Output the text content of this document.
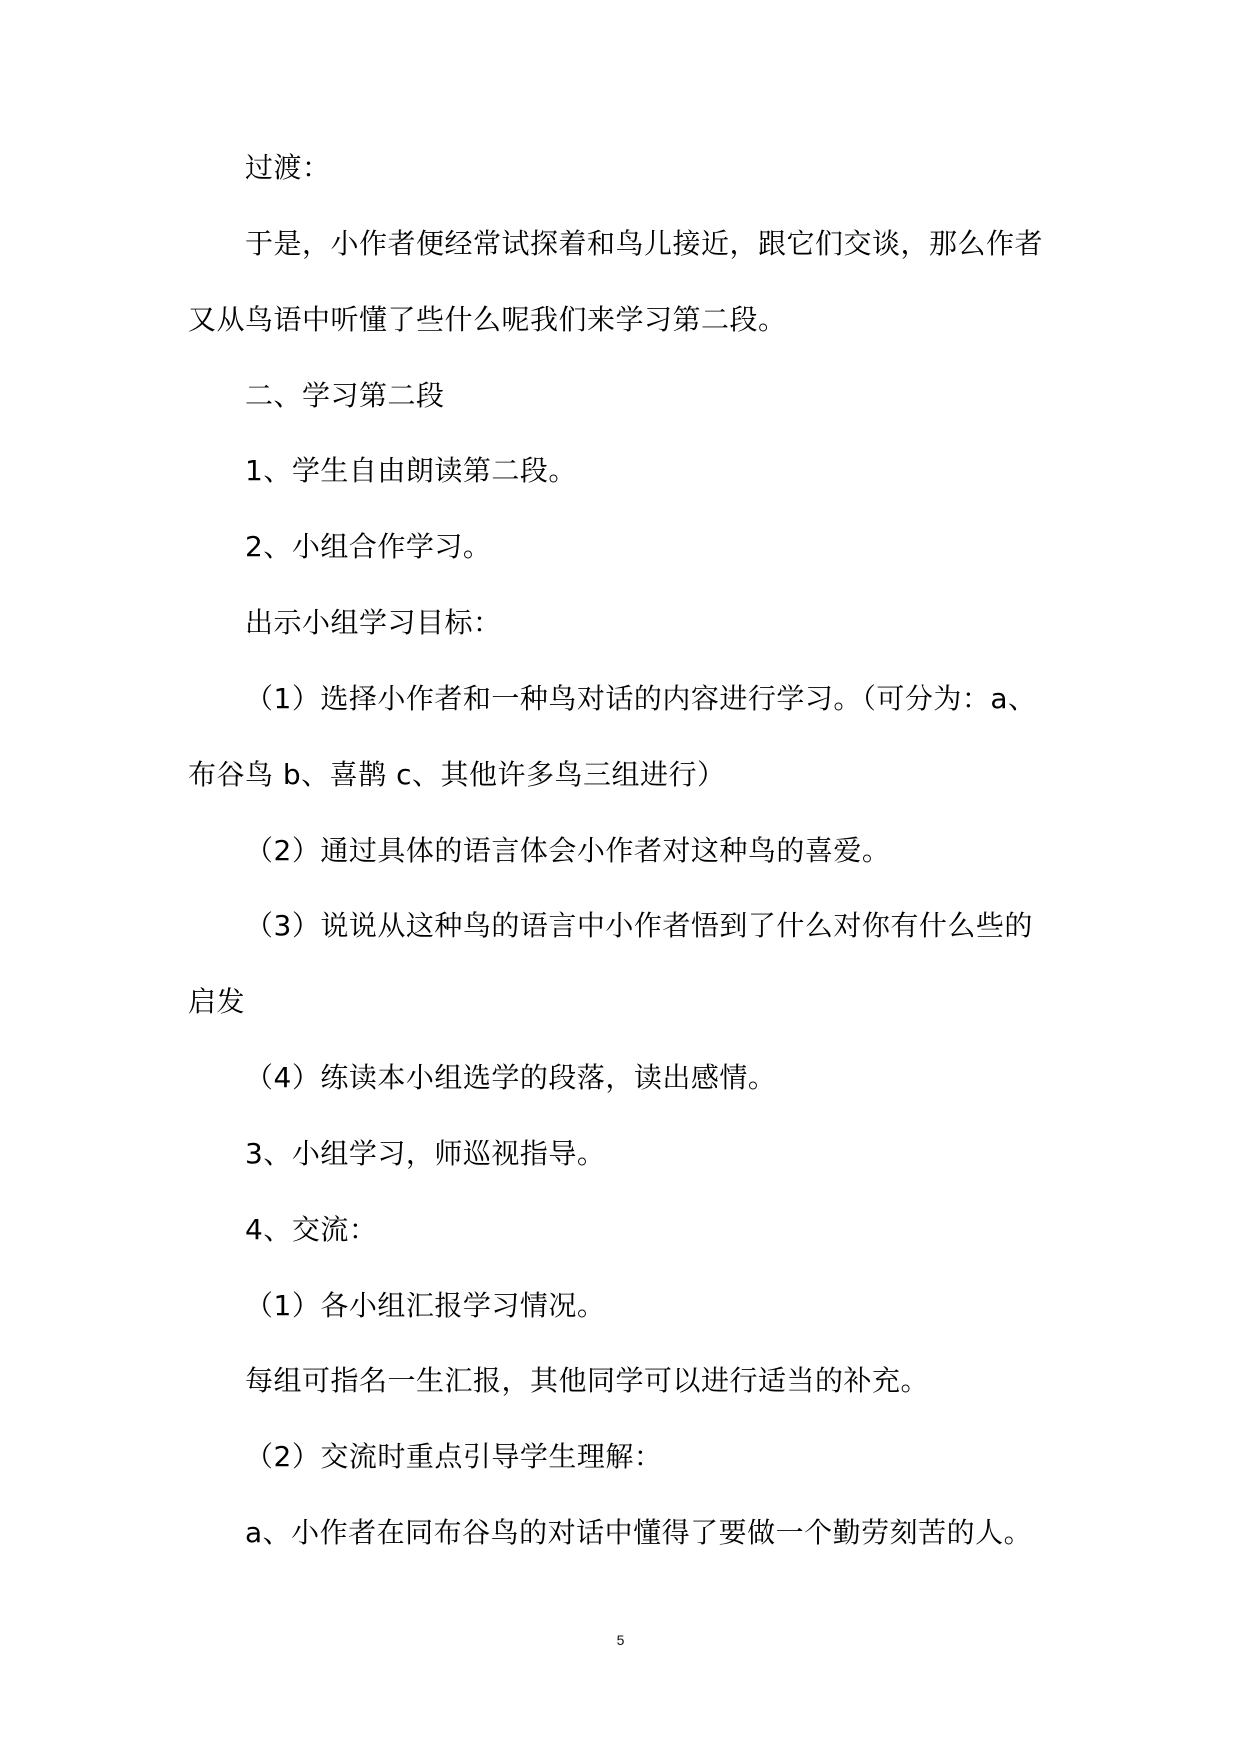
过渡：
于是，小作者便经常试探着和鸟儿接近，跟它们交谈，那么作者
又从鸟语中听懂了些什么呢我们来学习第二段。
二、学习第二段
1、学生自由朗读第二段。
2、小组合作学习。
出示小组学习目标：
（1）选择小作者和一种鸟对话的内容进行学习。（可分为：a、
布谷鸟 b、喜鹊 c、其他许多鸟三组进行）
（2）通过具体的语言体会小作者对这种鸟的喜爱。
（3）说说从这种鸟的语言中小作者悟到了什么对你有什么些的
启发
（4）练读本小组选学的段落，读出感情。
3、小组学习，师巡视指导。
4、交流：
（1）各小组汇报学习情况。
每组可指名一生汇报，其他同学可以进行适当的补充。
（2）交流时重点引导学生理解：
a、小作者在同布谷鸟的对话中懂得了要做一个勤劳刻苦的人。
5
